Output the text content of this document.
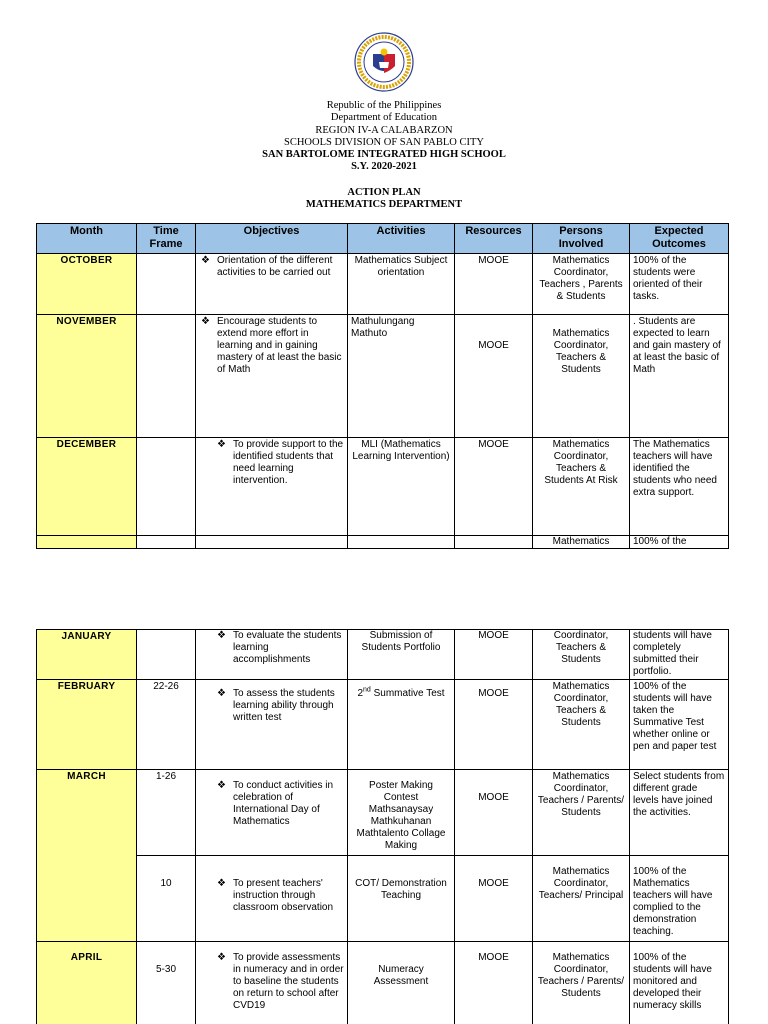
Republic of the Philippines
Department of Education
REGION IV-A CALABARZON
SCHOOLS DIVISION OF SAN PABLO CITY
SAN BARTOLOME INTEGRATED HIGH SCHOOL
S.Y. 2020-2021
ACTION PLAN
MATHEMATICS DEPARTMENT
Month	Time Frame	Objectives	Activities	Resources	Persons Involved	Expected Outcomes
OCTOBER		❖ Orientation of the different activities to be carried out	Mathematics Subject orientation	MOOE	Mathematics Coordinator, Teachers , Parents & Students	100% of the students were oriented of their tasks.
NOVEMBER		❖ Encourage students to extend more effort in learning and in gaining mastery of at least the basic of Math	Mathulungang Mathuto	MOOE	Mathematics Coordinator, Teachers & Students	. Students are expected to learn and gain mastery of at least the basic of Math
DECEMBER		❖ To provide support to the identified students that need learning intervention.	MLI (Mathematics Learning Intervention)	MOOE	Mathematics Coordinator, Teachers & Students At Risk	The Mathematics teachers will have identified the students who need extra support.
					Mathematics	100% of the
JANUARY		❖ To evaluate the students learning accomplishments	Submission of Students Portfolio	MOOE	Coordinator, Teachers & Students	students will have completely submitted their portfolio.
FEBRUARY	22-26	❖ To assess the students learning ability through written test	2nd Summative Test	MOOE	Mathematics Coordinator, Teachers & Students	100% of the students will have taken the Summative Test whether online or pen and paper test
MARCH	1-26	❖ To conduct activities in celebration of International Day of Mathematics	Poster Making Contest Mathsanaysay Mathkuhanan Mathtalento Collage Making	MOOE	Mathematics Coordinator, Teachers / Parents/ Students	Select students from different grade levels have joined the activities.
	10	❖ To present teachers' instruction through classroom observation	COT/ Demonstration Teaching	MOOE	Mathematics Coordinator, Teachers/ Principal	100% of the Mathematics teachers will have complied to the demonstration teaching.
APRIL	5-30	❖ To provide assessments in numeracy and in order to baseline the students on return to school after CVD19	Numeracy Assessment	MOOE	Mathematics Coordinator, Teachers / Parents/ Students	100% of the students will have monitored and developed their numeracy skills
